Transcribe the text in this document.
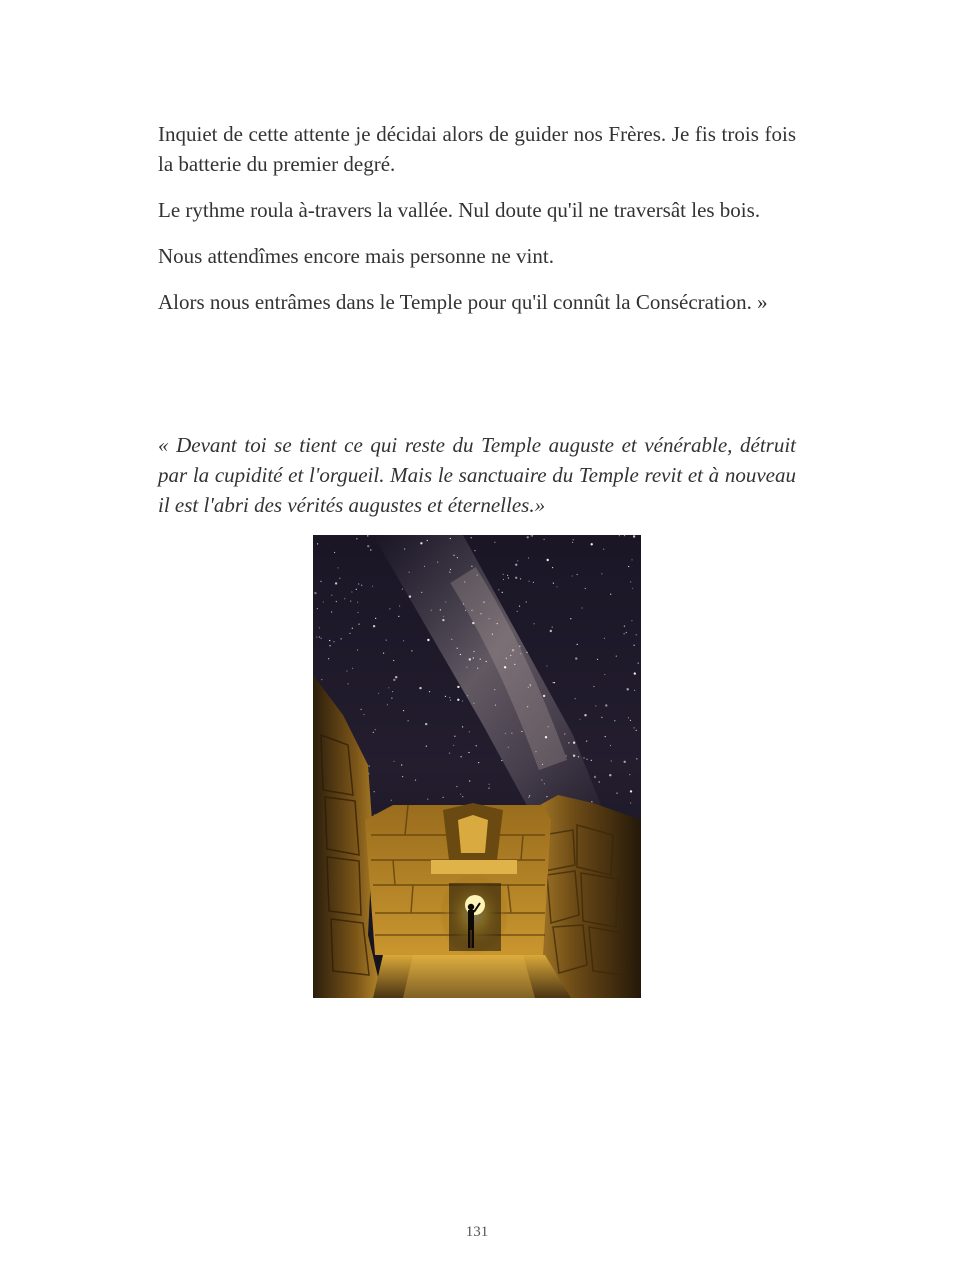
Inquiet de cette attente je décidai alors de guider nos Frères. Je fis trois fois la batterie du premier degré.

Le rythme roula à-travers la vallée. Nul doute qu'il ne traversât les bois.

Nous attendîmes encore mais personne ne vint.

Alors nous entrâmes dans le Temple pour qu'il connût la Consécration. »

« Devant toi se tient ce qui reste du Temple auguste et vénérable, détruit par la cupidité et l'orgueil. Mais le sanctuaire du Temple revit et à nouveau il est l'abri des vérités augustes et éternelles.»

131
